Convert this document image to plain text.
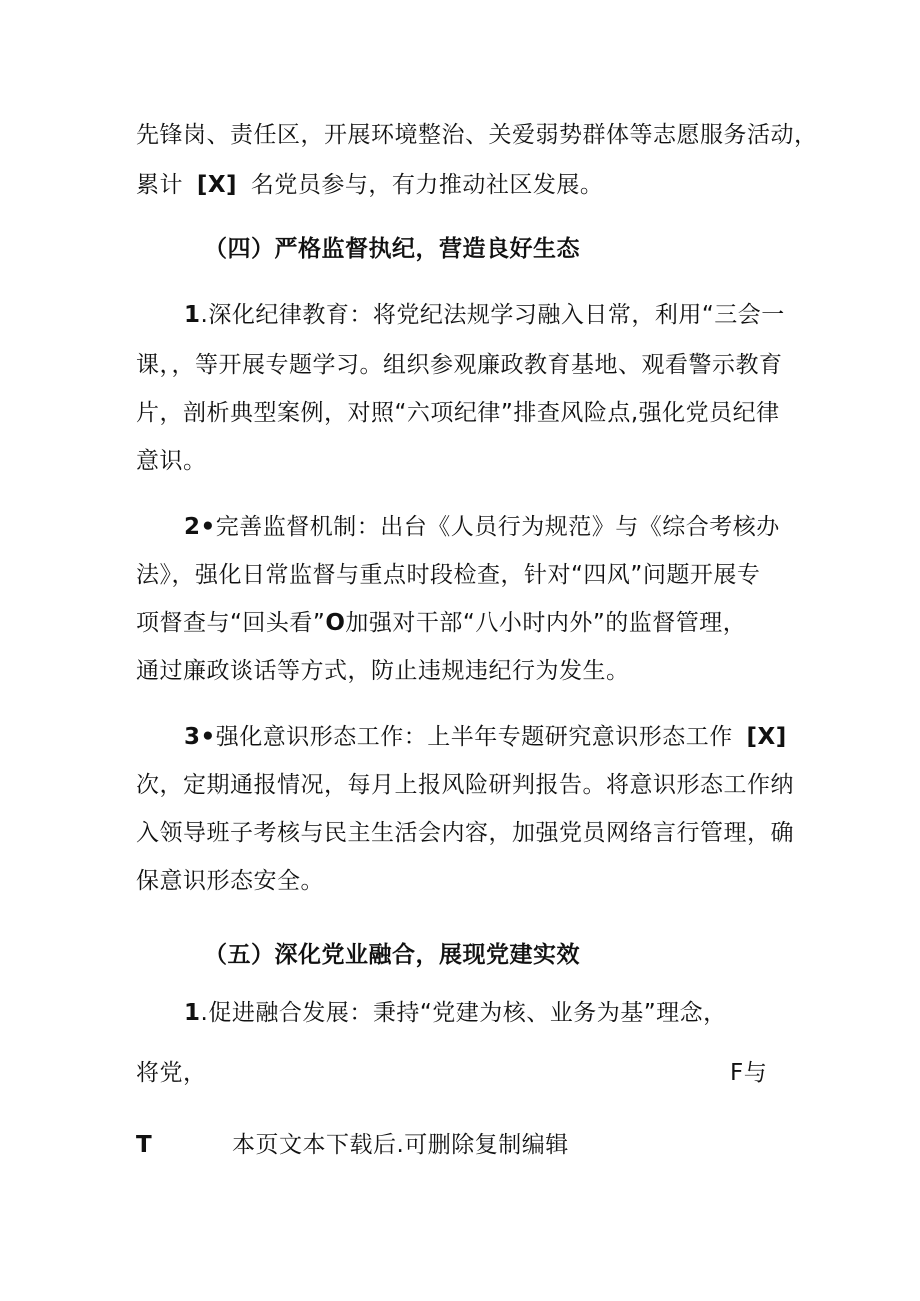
先锋岗、责任区，开展环境整治、关爱弱势群体等志愿服务活动，
累计 [X] 名党员参与，有力推动社区发展。
（四）严格监督执纪，营造良好生态
1.深化纪律教育：将党纪法规学习融入日常，利用“三会一
课，，等开展专题学习。组织参观廉政教育基地、观看警示教育
片，剖析典型案例，对照“六项纪律”排查风险点,强化党员纪律
意识。
2•完善监督机制：出台《人员行为规范》与《综合考核办
法》，强化日常监督与重点时段检查，针对“四风”问题开展专
项督查与“回头看”O加强对干部“八小时内外”的监督管理，
通过廉政谈话等方式，防止违规违纪行为发生。
3•强化意识形态工作：上半年专题研究意识形态工作 [X]
次，定期通报情况，每月上报风险研判报告。将意识形态工作纳
入领导班子考核与民主生活会内容，加强党员网络言行管理，确
保意识形态安全。
（五）深化党业融合，展现党建实效
1.促进融合发展：秉持“党建为核、业务为基”理念，
将党，	F与
T	本页文本下载后.可删除复制编辑
